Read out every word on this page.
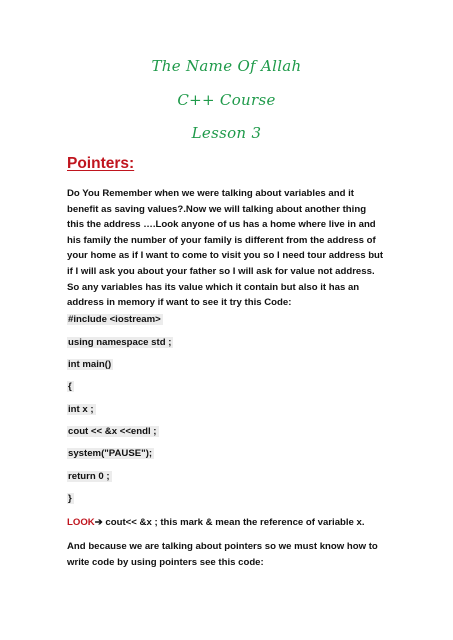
The Name Of Allah
C++ Course
Lesson 3
Pointers:
Do You Remember when we were talking about variables and it benefit as saving values?.Now we will talking about another thing this the address ….Look anyone of us has a home where live in and his family the number of your family is different from the address of your home as if I want to come to visit you so I need tour address but if I will ask you about your father so I will ask for value not address. So any variables has its value which it contain but also it has an address in memory if want to see it try this Code:
#include <iostream>
using namespace std ;
int main()
{
int x ;
cout << &x <<endl ;
system("PAUSE");
return 0 ;
}
LOOK➔ cout<< &x ; this mark & mean the reference of variable x.
And because we are talking about pointers so we must know how to write code by using pointers see this code:
